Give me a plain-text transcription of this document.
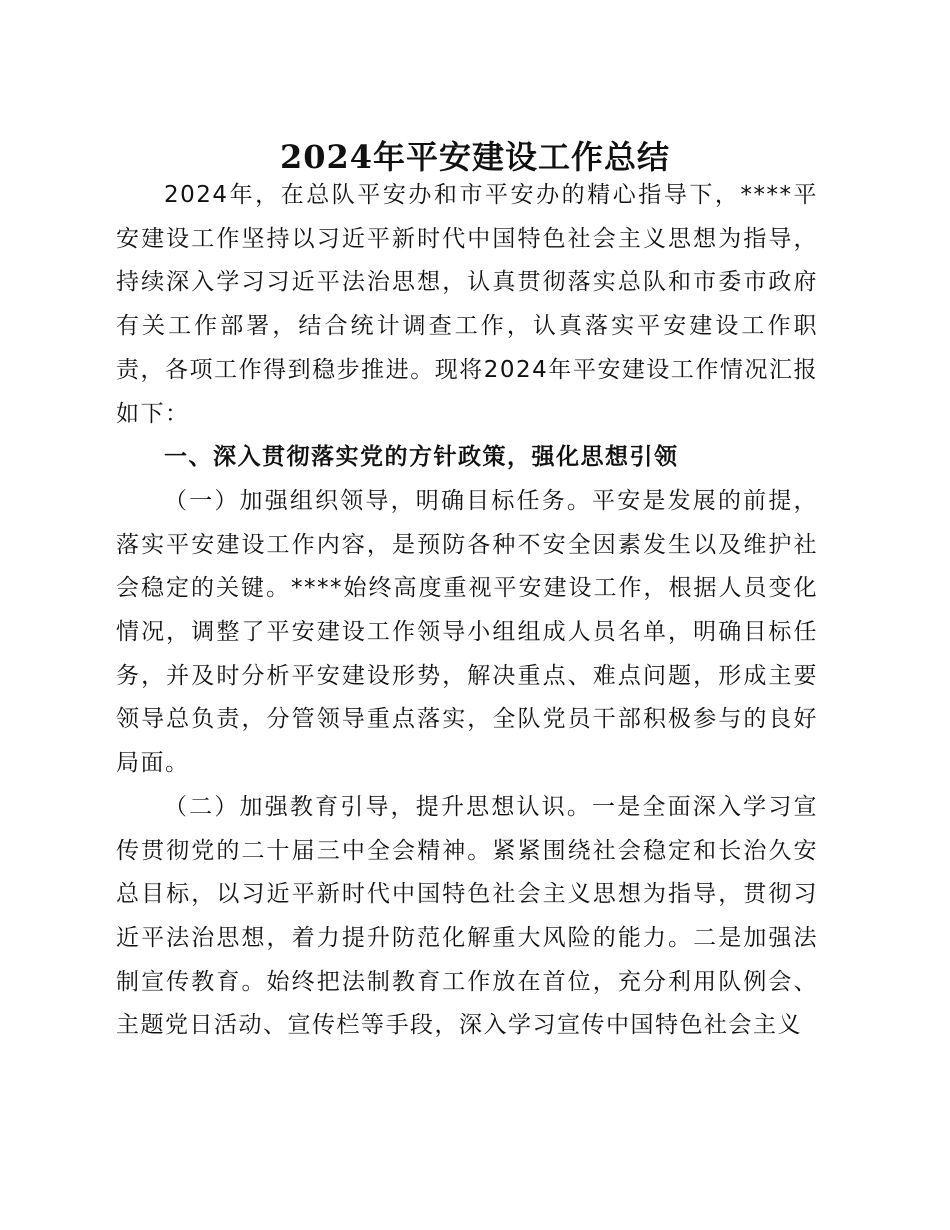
2024年平安建设工作总结

2024年，在总队平安办和市平安办的精心指导下，****平安建设工作坚持以习近平新时代中国特色社会主义思想为指导，持续深入学习习近平法治思想，认真贯彻落实总队和市委市政府有关工作部署，结合统计调查工作，认真落实平安建设工作职责，各项工作得到稳步推进。现将2024年平安建设工作情况汇报如下：

一、深入贯彻落实党的方针政策，强化思想引领

（一）加强组织领导，明确目标任务。平安是发展的前提，落实平安建设工作内容，是预防各种不安全因素发生以及维护社会稳定的关键。****始终高度重视平安建设工作，根据人员变化情况，调整了平安建设工作领导小组组成人员名单，明确目标任务，并及时分析平安建设形势，解决重点、难点问题，形成主要领导总负责，分管领导重点落实，全队党员干部积极参与的良好局面。

（二）加强教育引导，提升思想认识。一是全面深入学习宣传贯彻党的二十届三中全会精神。紧紧围绕社会稳定和长治久安总目标，以习近平新时代中国特色社会主义思想为指导，贯彻习近平法治思想，着力提升防范化解重大风险的能力。二是加强法制宣传教育。始终把法制教育工作放在首位，充分利用队例会、主题党日活动、宣传栏等手段，深入学习宣传中国特色社会主义
